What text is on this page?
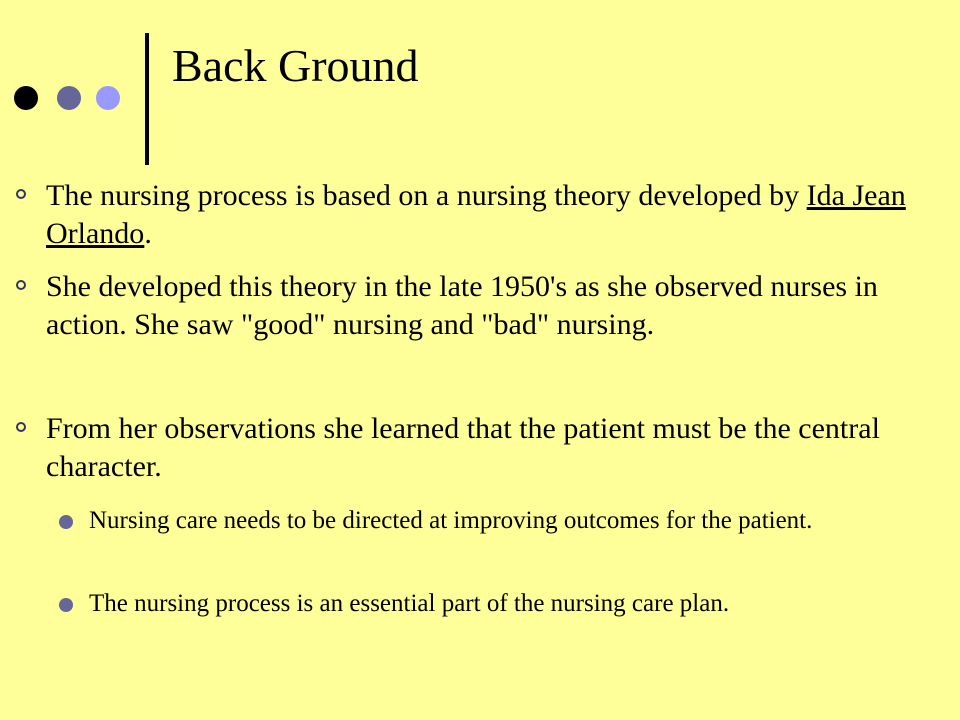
Back Ground
The nursing process is based on a nursing theory developed by Ida Jean Orlando.
She developed this theory in the late 1950's as she observed nurses in action. She saw "good" nursing and "bad" nursing.
From her observations she learned that the patient must be the central character.
Nursing care needs to be directed at improving outcomes for the patient.
The nursing process is an essential part of the nursing care plan.
